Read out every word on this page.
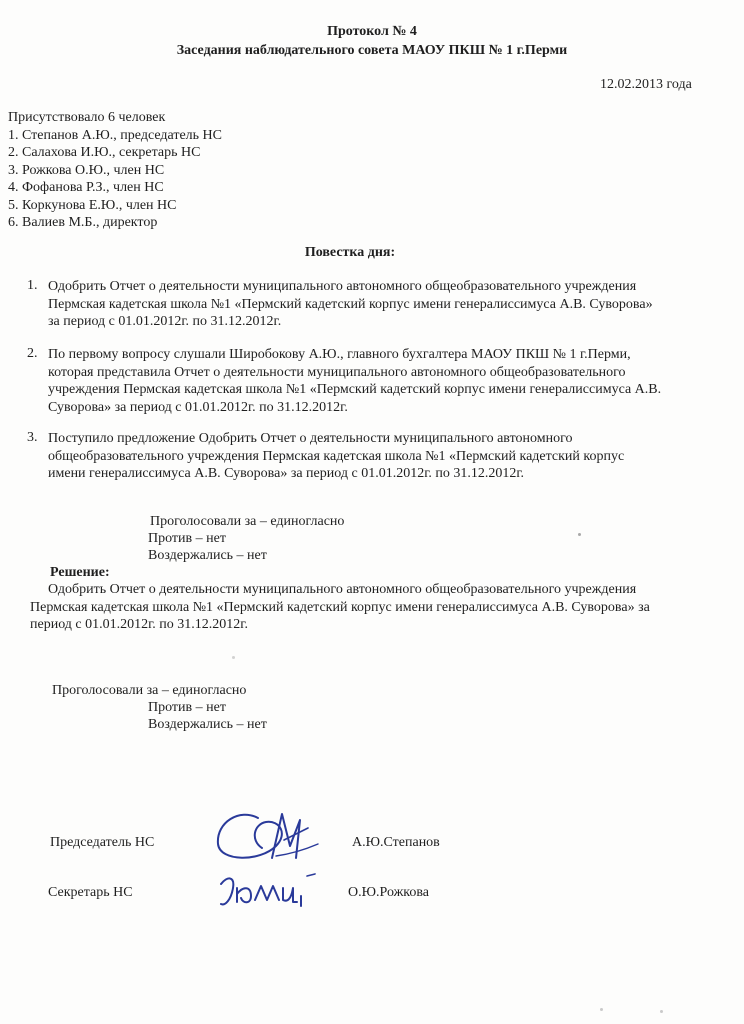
Протокол № 4
Заседания наблюдательного совета МАОУ ПКШ № 1 г.Перми
12.02.2013 года
Присутствовало 6 человек
1. Степанов А.Ю., председатель НС
2. Салахова И.Ю., секретарь НС
3. Рожкова О.Ю., член НС
4. Фофанова Р.З., член НС
5. Коркунова Е.Ю., член НС
6. Валиев М.Б., директор
Повестка дня:
1. Одобрить Отчет о деятельности муниципального автономного общеобразовательного учреждения
Пермская кадетская школа №1 «Пермский кадетский корпус имени генералиссимуса А.В. Суворова»
за период с 01.01.2012г. по 31.12.2012г.
2. По первому вопросу слушали Широбокову А.Ю., главного бухгалтера МАОУ ПКШ № 1 г.Перми,
которая представила Отчет о деятельности муниципального автономного общеобразовательного
учреждения Пермская кадетская школа №1 «Пермский кадетский корпус имени генералиссимуса А.В.
Суворова» за период с 01.01.2012г. по 31.12.2012г.
3. Поступило предложение Одобрить Отчет о деятельности муниципального автономного
общеобразовательного учреждения Пермская кадетская школа №1 «Пермский кадетский корпус
имени генералиссимуса А.В. Суворова» за период с 01.01.2012г. по 31.12.2012г.
Проголосовали за – единогласно
Против – нет
Воздержались – нет
Решение:
Одобрить Отчет о деятельности муниципального автономного общеобразовательного учреждения
Пермская кадетская школа №1 «Пермский кадетский корпус имени генералиссимуса А.В. Суворова» за
период с 01.01.2012г. по 31.12.2012г.
Проголосовали за – единогласно
Против – нет
Воздержались – нет
Председатель НС	А.Ю.Степанов
Секретарь НС	О.Ю.Рожкова
